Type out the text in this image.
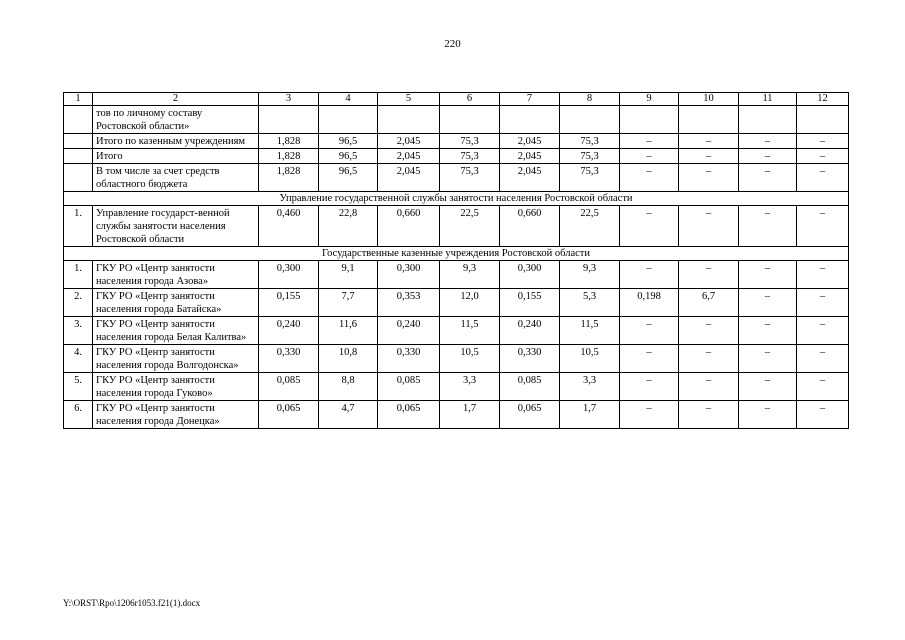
220
1	2	3	4	5	6	7	8	9	10	11	12
	тов по личному составу Ростовской области»										
	Итого по казенным учреждениям	1,828	96,5	2,045	75,3	2,045	75,3	–	–	–	–
	Итого	1,828	96,5	2,045	75,3	2,045	75,3	–	–	–	–
	В том числе за счет средств областного бюджета	1,828	96,5	2,045	75,3	2,045	75,3	–	–	–	–
Управление государственной службы занятости населения Ростовской области											
1.	Управление государст-венной службы занятости населения Ростовской области	0,460	22,8	0,660	22,5	0,660	22,5	–	–	–	–
Государственные казенные учреждения Ростовской области											
1.	ГКУ РО «Центр занятости населения города Азова»	0,300	9,1	0,300	9,3	0,300	9,3	–	–	–	–
2.	ГКУ РО «Центр занятости населения города Батайска»	0,155	7,7	0,353	12,0	0,155	5,3	0,198	6,7	–	–
3.	ГКУ РО «Центр занятости населения города Белая Калитва»	0,240	11,6	0,240	11,5	0,240	11,5	–	–	–	–
4.	ГКУ РО «Центр занятости населения города Волгодонска»	0,330	10,8	0,330	10,5	0,330	10,5	–	–	–	–
5.	ГКУ РО «Центр занятости населения города Гуково»	0,085	8,8	0,085	3,3	0,085	3,3	–	–	–	–
6.	ГКУ РО «Центр занятости населения города Донецка»	0,065	4,7	0,065	1,7	0,065	1,7	–	–	–	–
Y:\ORST\Rpo\1206r1053.f21(1).docx
